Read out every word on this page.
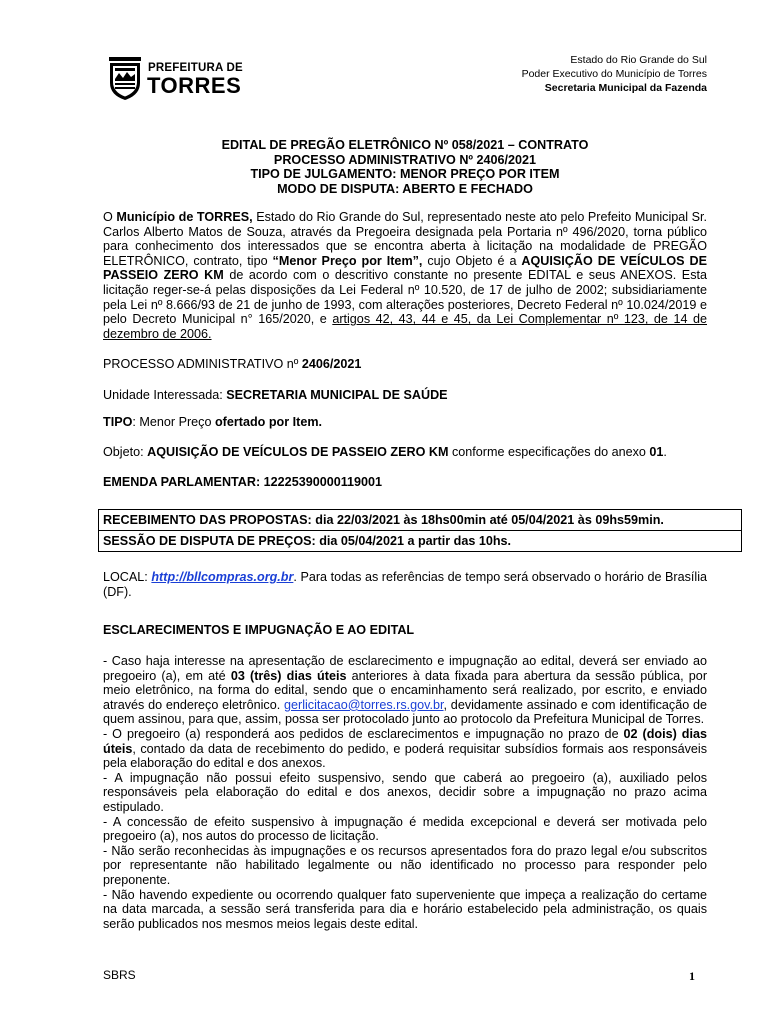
PREFEITURA DE
TORRES
Estado do Rio Grande do Sul
Poder Executivo do Município de Torres
Secretaria Municipal da Fazenda
EDITAL DE PREGÃO ELETRÔNICO Nº 058/2021 – CONTRATO
PROCESSO ADMINISTRATIVO Nº 2406/2021
TIPO DE JULGAMENTO: MENOR PREÇO POR ITEM
MODO DE DISPUTA: ABERTO E FECHADO
O Município de TORRES, Estado do Rio Grande do Sul, representado neste ato pelo Prefeito Municipal Sr. Carlos Alberto Matos de Souza, através da Pregoeira designada pela Portaria nº 496/2020, torna público para conhecimento dos interessados que se encontra aberta à licitação na modalidade de PREGÃO ELETRÔNICO, contrato, tipo “Menor Preço por Item”, cujo Objeto é a AQUISIÇÃO DE VEÍCULOS DE PASSEIO ZERO KM de acordo com o descritivo constante no presente EDITAL e seus ANEXOS. Esta licitação reger-se-á pelas disposições da Lei Federal nº 10.520, de 17 de julho de 2002; subsidiariamente pela Lei nº 8.666/93 de 21 de junho de 1993, com alterações posteriores, Decreto Federal nº 10.024/2019 e pelo Decreto Municipal n° 165/2020, e artigos 42, 43, 44 e 45, da Lei Complementar nº 123, de 14 de dezembro de 2006.
PROCESSO ADMINISTRATIVO nº 2406/2021
Unidade Interessada: SECRETARIA MUNICIPAL DE SAÚDE
TIPO: Menor Preço ofertado por Item.
Objeto: AQUISIÇÃO DE VEÍCULOS DE PASSEIO ZERO KM conforme especificações do anexo 01.
EMENDA PARLAMENTAR: 12225390000119001
RECEBIMENTO DAS PROPOSTAS: dia 22/03/2021 às 18hs00min até 05/04/2021 às 09hs59min.
SESSÃO DE DISPUTA DE PREÇOS: dia 05/04/2021 a partir das 10hs.
LOCAL: http://bllcompras.org.br. Para todas as referências de tempo será observado o horário de Brasília (DF).
ESCLARECIMENTOS E IMPUGNAÇÃO E AO EDITAL
- Caso haja interesse na apresentação de esclarecimento e impugnação ao edital, deverá ser enviado ao pregoeiro (a), em até 03 (três) dias úteis anteriores à data fixada para abertura da sessão pública, por meio eletrônico, na forma do edital, sendo que o encaminhamento será realizado, por escrito, e enviado através do endereço eletrônico. gerlicitacao@torres.rs.gov.br, devidamente assinado e com identificação de quem assinou, para que, assim, possa ser protocolado junto ao protocolo da Prefeitura Municipal de Torres.
- O pregoeiro (a) responderá aos pedidos de esclarecimentos e impugnação no prazo de 02 (dois) dias úteis, contado da data de recebimento do pedido, e poderá requisitar subsídios formais aos responsáveis pela elaboração do edital e dos anexos.
- A impugnação não possui efeito suspensivo, sendo que caberá ao pregoeiro (a), auxiliado pelos responsáveis pela elaboração do edital e dos anexos, decidir sobre a impugnação no prazo acima estipulado.
- A concessão de efeito suspensivo à impugnação é medida excepcional e deverá ser motivada pelo pregoeiro (a), nos autos do processo de licitação.
- Não serão reconhecidas às impugnações e os recursos apresentados fora do prazo legal e/ou subscritos por representante não habilitado legalmente ou não identificado no processo para responder pelo preponente.
- Não havendo expediente ou ocorrendo qualquer fato superveniente que impeça a realização do certame na data marcada, a sessão será transferida para dia e horário estabelecido pela administração, os quais serão publicados nos mesmos meios legais deste edital.
SBRS	1
